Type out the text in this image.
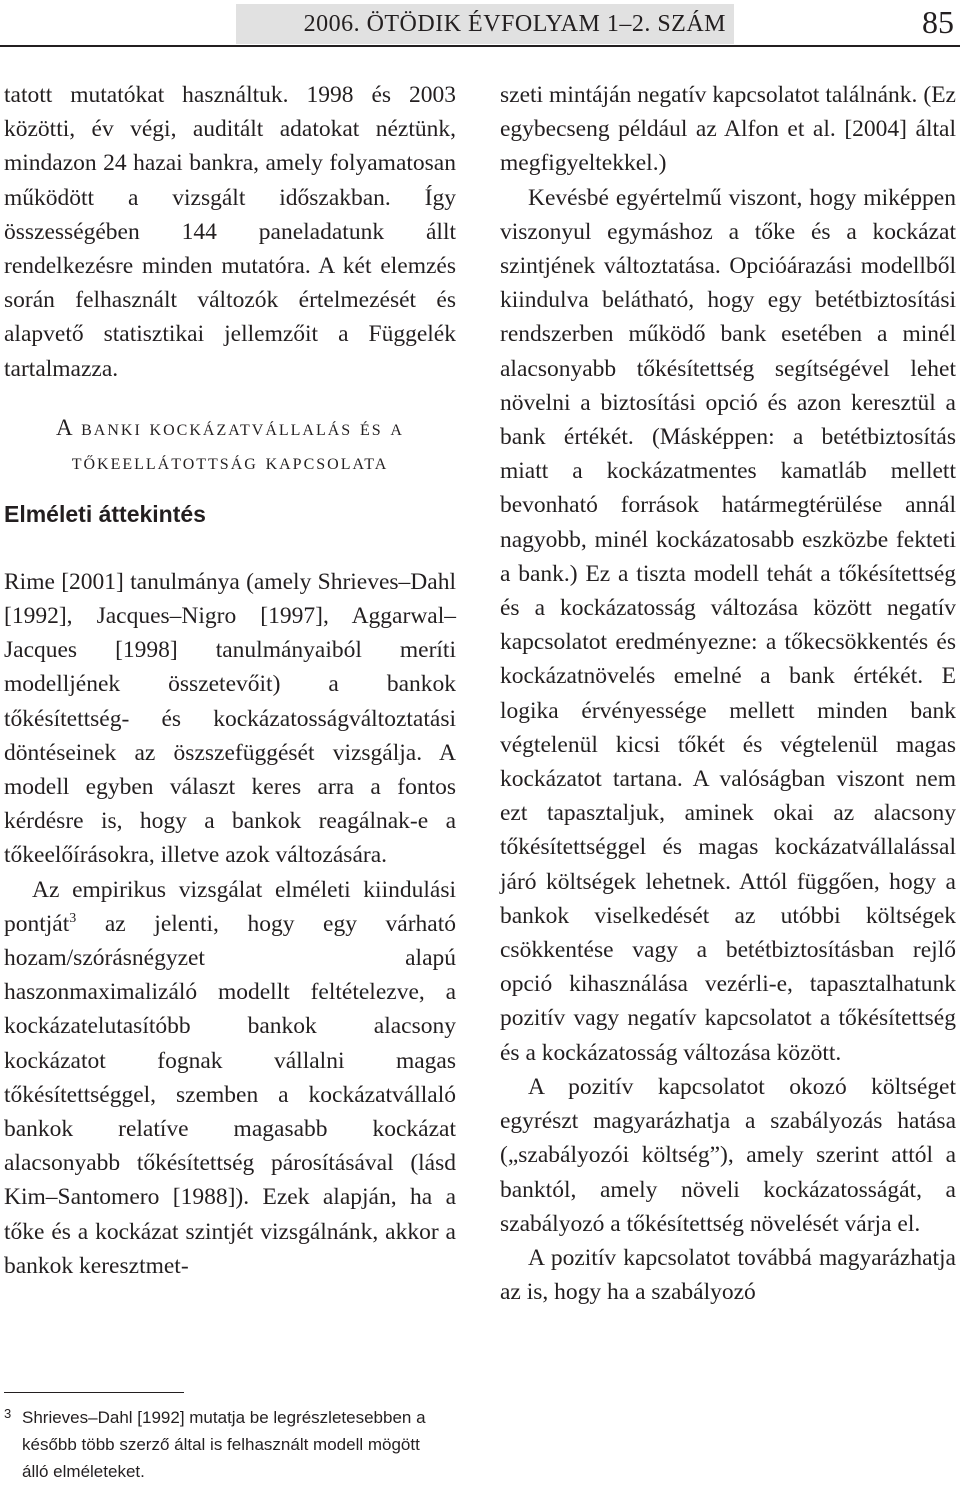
2006. ÖTÖDIK ÉVFOLYAM 1–2. SZÁM	85

tatott mutatókat használtuk. 1998 és 2003 közötti, év végi, auditált adatokat néztünk, mindazon 24 hazai bankra, amely folyamatosan működött a vizsgált időszakban. Így összességében 144 paneladatunk állt rendelkezésre minden mutatóra. A két elemzés során felhasznált változók értelmezését és alapvető statisztikai jellemzőit a Függelék tartalmazza.

A banki kockázatvállalás és a
tőkeellátottság kapcsolata
Elméleti áttekintés

Rime [2001] tanulmánya (amely Shrieves–Dahl [1992], Jacques–Nigro [1997], Aggarwal–Jacques [1998] tanulmányaiból meríti modelljének összetevőit) a bankok tőkésítettség- és kockázatosságváltoztatási döntéseinek az öszszefüggését vizsgálja. A modell egyben választ keres arra a fontos kérdésre is, hogy a bankok reagálnak-e a tőkeelőírásokra, illetve azok változására.

Az empirikus vizsgálat elméleti kiindulási pontját$^3$ az jelenti, hogy egy várható hozam/szórásnégyzet alapú haszonmaximalizáló modellt feltételezve, a kockázatelutasítóbb bankok alacsony kockázatot fognak vállalni magas tőkésítettséggel, szemben a kockázatvállaló bankok relatíve magasabb kockázat alacsonyabb tőkésítettség párosításával (lásd Kim–Santomero [1988]). Ezek alapján, ha a tőke és a kockázat szintjét vizsgálnánk, akkor a bankok keresztmet-

szeti mintáján negatív kapcsolatot találnánk. (Ez egybecseng például az Alfon et al. [2004] által megfigyeltekkel.)

Kevésbé egyértelmű viszont, hogy miképpen viszonyul egymáshoz a tőke és a kockázat szintjének változtatása. Opcióárazási modellből kiindulva belátható, hogy egy betétbiztosítási rendszerben működő bank esetében a minél alacsonyabb tőkésítettség segítségével lehet növelni a biztosítási opció és azon keresztül a bank értékét. (Másképpen: a betétbiztosítás miatt a kockázatmentes kamatláb mellett bevonható források határmegtérülése annál nagyobb, minél kockázatosabb eszközbe fekteti a bank.) Ez a tiszta modell tehát a tőkésítettség és a kockázatosság változása között negatív kapcsolatot eredményezne: a tőkecsökkentés és kockázatnövelés emelné a bank értékét. E logika érvényessége mellett minden bank végtelenül kicsi tőkét és végtelenül magas kockázatot tartana. A valóságban viszont nem ezt tapasztaljuk, aminek okai az alacsony tőkésítettséggel és magas kockázatvállalással járó költségek lehetnek. Attól függően, hogy a bankok viselkedését az utóbbi költségek csökkentése vagy a betétbiztosításban rejlő opció kihasználása vezérli-e, tapasztalhatunk pozitív vagy negatív kapcsolatot a tőkésítettség és a kockázatosság változása között.

A pozitív kapcsolatot okozó költséget egyrészt magyarázhatja a szabályozás hatása („szabályozói költség”), amely szerint attól a banktól, amely növeli kockázatosságát, a szabályozó a tőkésítettség növelését várja el.

A pozitív kapcsolatot továbbá magyarázhatja az is, hogy ha a szabályozó

3 Shrieves–Dahl [1992] mutatja be legrészletesebben a később több szerző által is felhasznált modell mögött álló elméleteket.
